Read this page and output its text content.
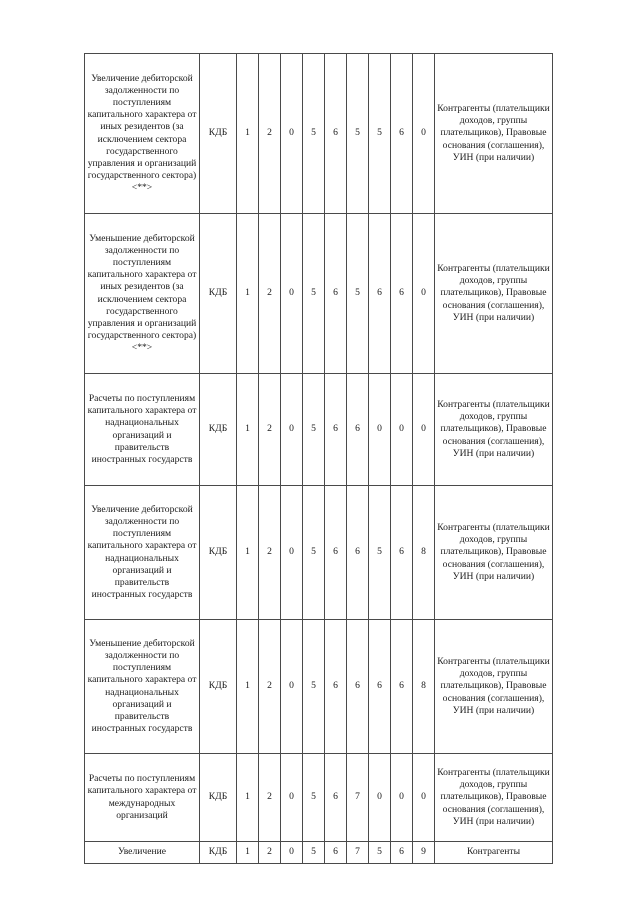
Увеличение дебиторской задолженности по поступлениям капитального характера от иных резидентов (за исключением сектора государственного управления и организаций государственного сектора) <**>	КДБ	1	2	0	5	6	5	5	6	0	Контрагенты (плательщики доходов, группы плательщиков), Правовые основания (соглашения), УИН (при наличии)
Уменьшение дебиторской задолженности по поступлениям капитального характера от иных резидентов (за исключением сектора государственного управления и организаций государственного сектора) <**>	КДБ	1	2	0	5	6	5	6	6	0	Контрагенты (плательщики доходов, группы плательщиков), Правовые основания (соглашения), УИН (при наличии)
Расчеты по поступлениям капитального характера от наднациональных организаций и правительств иностранных государств	КДБ	1	2	0	5	6	6	0	0	0	Контрагенты (плательщики доходов, группы плательщиков), Правовые основания (соглашения), УИН (при наличии)
Увеличение дебиторской задолженности по поступлениям капитального характера от наднациональных организаций и правительств иностранных государств	КДБ	1	2	0	5	6	6	5	6	8	Контрагенты (плательщики доходов, группы плательщиков), Правовые основания (соглашения), УИН (при наличии)
Уменьшение дебиторской задолженности по поступлениям капитального характера от наднациональных организаций и правительств иностранных государств	КДБ	1	2	0	5	6	6	6	6	8	Контрагенты (плательщики доходов, группы плательщиков), Правовые основания (соглашения), УИН (при наличии)
Расчеты по поступлениям капитального характера от международных организаций	КДБ	1	2	0	5	6	7	0	0	0	Контрагенты (плательщики доходов, группы плательщиков), Правовые основания (соглашения), УИН (при наличии)
Увеличение	КДБ	1	2	0	5	6	7	5	6	9	Контрагенты
